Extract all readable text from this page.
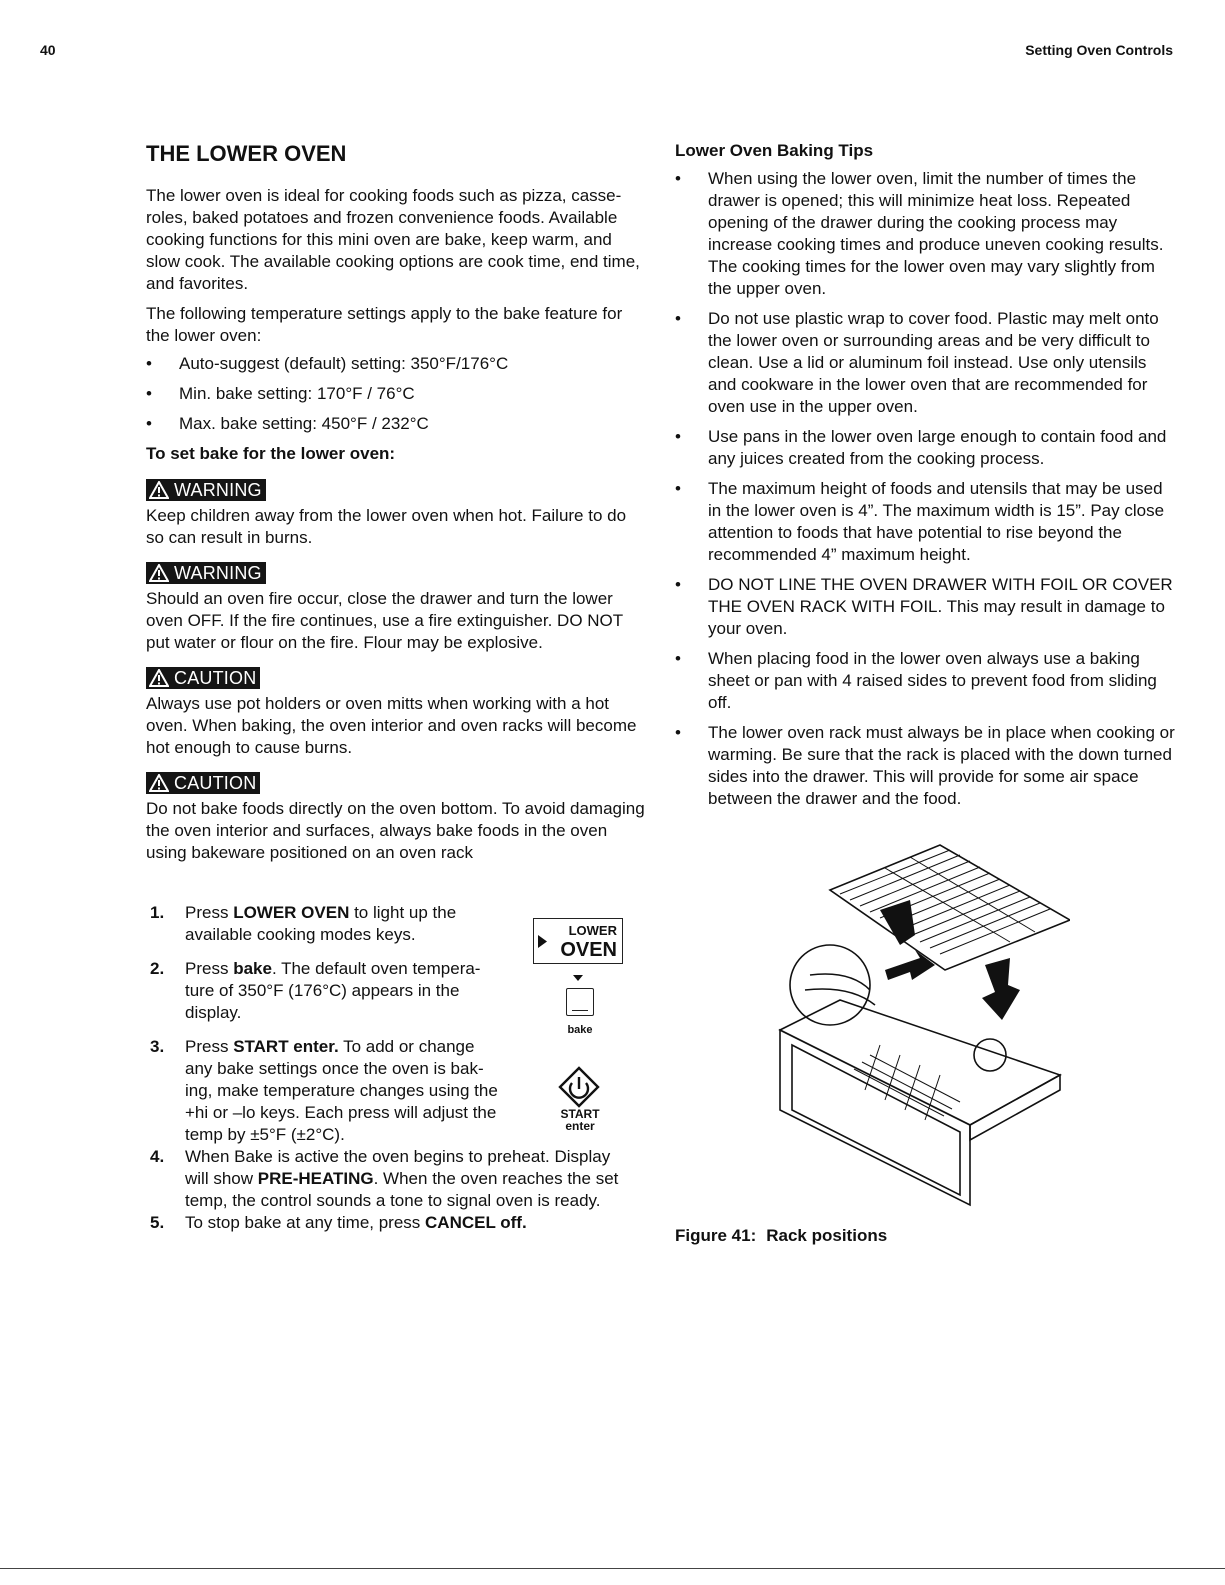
40	Setting Oven Controls
THE LOWER OVEN

The lower oven is ideal for cooking foods such as pizza, casse-roles, baked potatoes and frozen convenience foods. Available cooking functions for this mini oven are bake, keep warm, and slow cook. The available cooking options are cook time, end time, and favorites.

The following temperature settings apply to the bake feature for the lower oven:

• Auto-suggest (default) setting: 350°F/176°C
• Min. bake setting: 170°F / 76°C
• Max. bake setting: 450°F / 232°C
To set bake for the lower oven:
WARNING

Keep children away from the lower oven when hot. Failure to do so can result in burns.

WARNING

Should an oven fire occur, close the drawer and turn the lower oven OFF. If the fire continues, use a fire extinguisher. DO NOT put water or flour on the fire. Flour may be explosive.

CAUTION

Always use pot holders or oven mitts when working with a hot oven. When baking, the oven interior and oven racks will become hot enough to cause burns.

CAUTION

Do not bake foods directly on the oven bottom. To avoid damaging the oven interior and surfaces, always bake foods in the oven using bakeware positioned on an oven rack

1. Press LOWER OVEN to light up the available cooking modes keys.
2. Press bake. The default oven tempera-ture of 350°F (176°C) appears in the display.
3. Press START enter. To add or change any bake settings once the oven is bak-ing, make temperature changes using the +hi or –lo keys. Each press will adjust the temp by ±5°F (±2°C).
4. When Bake is active the oven begins to preheat. Display will show PRE-HEATING. When the oven reaches the set temp, the control sounds a tone to signal oven is ready.
5. To stop bake at any time, press CANCEL off.
LOWER
OVEN
bake
START
enter
Lower Oven Baking Tips
• When using the lower oven, limit the number of times the drawer is opened; this will minimize heat loss. Repeated opening of the drawer during the cooking process may increase cooking times and produce uneven cooking results. The cooking times for the lower oven may vary slightly from the upper oven.
• Do not use plastic wrap to cover food. Plastic may melt onto the lower oven or surrounding areas and be very difficult to clean. Use a lid or aluminum foil instead. Use only utensils and cookware in the lower oven that are recommended for oven use in the upper oven.
• Use pans in the lower oven large enough to contain food and any juices created from the cooking process.
• The maximum height of foods and utensils that may be used in the lower oven is 4”. The maximum width is 15”. Pay close attention to foods that have potential to rise beyond the recommended 4” maximum height.
• DO NOT LINE THE OVEN DRAWER WITH FOIL OR COVER THE OVEN RACK WITH FOIL. This may result in damage to your oven.
• When placing food in the lower oven always use a baking sheet or pan with 4 raised sides to prevent food from sliding off.
• The lower oven rack must always be in place when cooking or warming. Be sure that the rack is placed with the down turned sides into the drawer. This will provide for some air space between the drawer and the food.
Figure 41: Rack positions
